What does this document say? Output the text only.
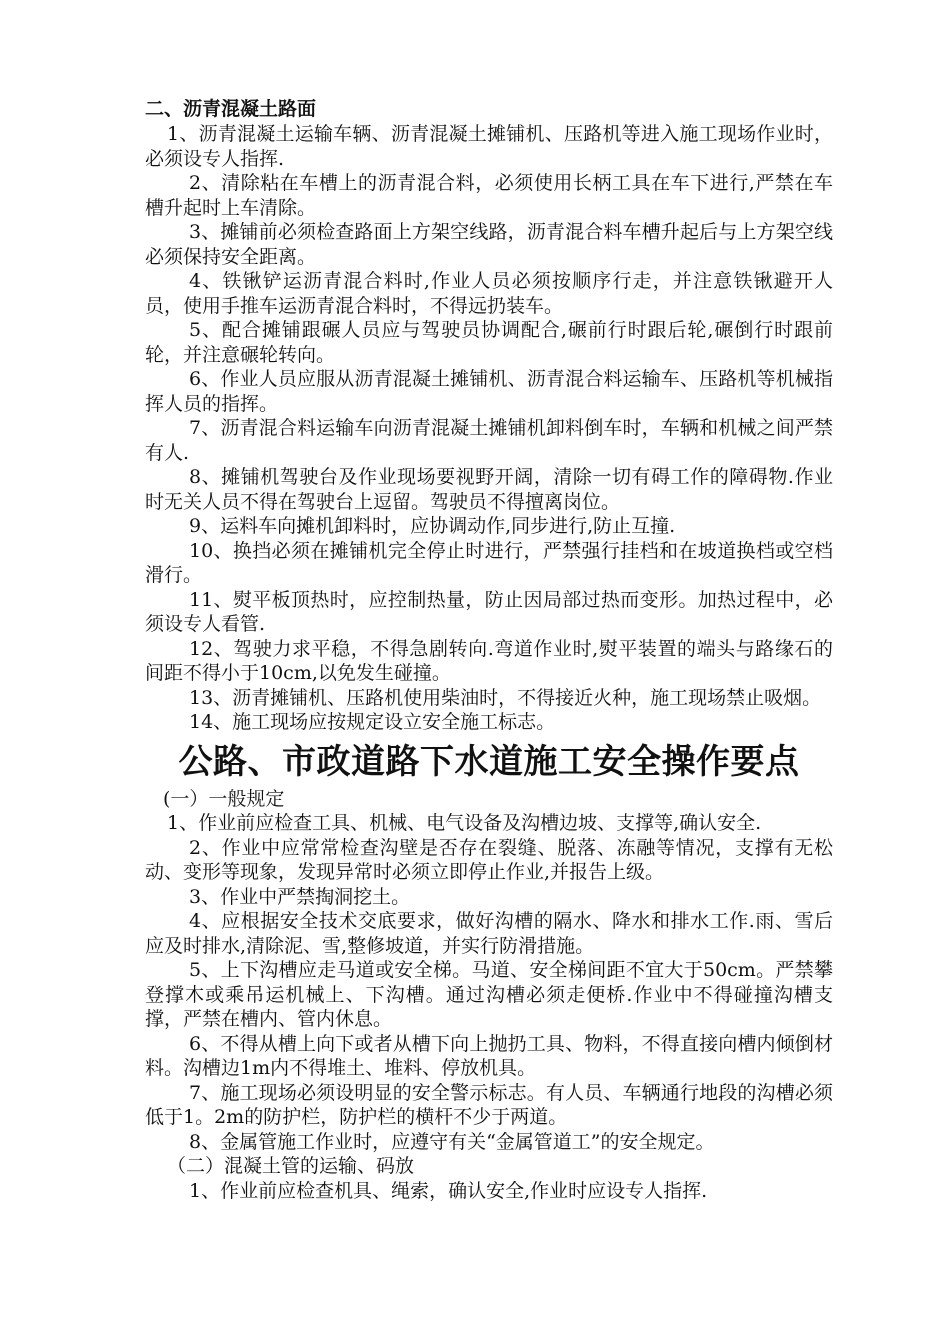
二、沥青混凝土路面

1、沥青混凝土运输车辆、沥青混凝土摊铺机、压路机等进入施工现场作业时，必须设专人指挥.

2、清除粘在车槽上的沥青混合料，必须使用长柄工具在车下进行,严禁在车槽升起时上车清除。

3、摊铺前必须检查路面上方架空线路，沥青混合料车槽升起后与上方架空线必须保持安全距离。

4、铁锹铲运沥青混合料时,作业人员必须按顺序行走，并注意铁锹避开人员，使用手推车运沥青混合料时，不得远扔装车。

5、配合摊铺跟碾人员应与驾驶员协调配合,碾前行时跟后轮,碾倒行时跟前轮，并注意碾轮转向。

6、作业人员应服从沥青混凝土摊铺机、沥青混合料运输车、压路机等机械指挥人员的指挥。

7、沥青混合料运输车向沥青混凝土摊铺机卸料倒车时，车辆和机械之间严禁有人.

8、摊铺机驾驶台及作业现场要视野开阔，清除一切有碍工作的障碍物.作业时无关人员不得在驾驶台上逗留。驾驶员不得擅离岗位。

9、运料车向摊机卸料时，应协调动作,同步进行,防止互撞.

10、换挡必须在摊铺机完全停止时进行，严禁强行挂档和在坡道换档或空档滑行。

11、熨平板顶热时，应控制热量，防止因局部过热而变形。加热过程中，必须设专人看管.

12、驾驶力求平稳，不得急剧转向.弯道作业时,熨平装置的端头与路缘石的间距不得小于10cm,以免发生碰撞。

13、沥青摊铺机、压路机使用柴油时，不得接近火种，施工现场禁止吸烟。

14、施工现场应按规定设立安全施工标志。

公路、市政道路下水道施工安全操作要点

(一）一般规定

1、作业前应检查工具、机械、电气设备及沟槽边坡、支撑等,确认安全.

2、作业中应常常检查沟壁是否存在裂缝、脱落、冻融等情况，支撑有无松动、变形等现象，发现异常时必须立即停止作业,并报告上级。

3、作业中严禁掏洞挖土。

4、应根据安全技术交底要求，做好沟槽的隔水、降水和排水工作.雨、雪后应及时排水,清除泥、雪,整修坡道，并实行防滑措施。

5、上下沟槽应走马道或安全梯。马道、安全梯间距不宜大于50cm。严禁攀登撑木或乘吊运机械上、下沟槽。通过沟槽必须走便桥.作业中不得碰撞沟槽支撑，严禁在槽内、管内休息。

6、不得从槽上向下或者从槽下向上抛扔工具、物料，不得直接向槽内倾倒材料。沟槽边1m内不得堆土、堆料、停放机具。

7、施工现场必须设明显的安全警示标志。有人员、车辆通行地段的沟槽必须低于1。2m的防护栏，防护栏的横杆不少于两道。

8、金属管施工作业时，应遵守有关“金属管道工”的安全规定。

（二）混凝土管的运输、码放

1、作业前应检查机具、绳索，确认安全,作业时应设专人指挥.
